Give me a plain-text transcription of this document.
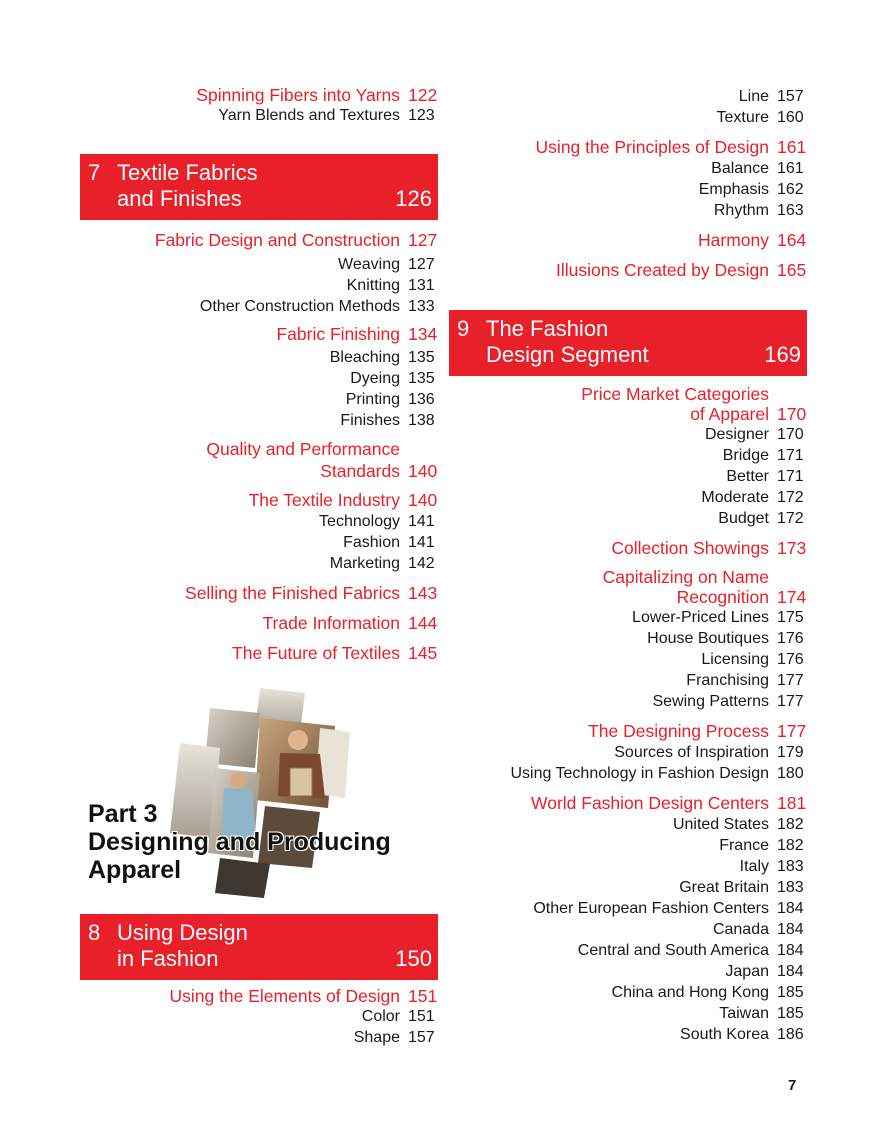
Spinning Fibers into Yarns 122
Yarn Blends and Textures 123
7 Textile Fabrics
and Finishes	126
Fabric Design and Construction 127
Weaving 127
Knitting 131
Other Construction Methods 133
Fabric Finishing 134
Bleaching 135
Dyeing 135
Printing 136
Finishes 138
Quality and Performance
Standards 140
The Textile Industry 140
Technology 141
Fashion 141
Marketing 142
Selling the Finished Fabrics 143
Trade Information 144
The Future of Textiles 145
8 Using Design
in Fashion	150
Using the Elements of Design 151
Color 151
Shape 157
Part 3
Designing and Producing
Apparel
Line 157
Texture 160
Using the Principles of Design 161
Balance 161
Emphasis 162
Rhythm 163
Harmony 164
Illusions Created by Design 165
9 The Fashion
Design Segment	169
Price Market Categories
of Apparel 170
Designer 170
Bridge 171
Better 171
Moderate 172
Budget 172
Collection Showings 173
Capitalizing on Name
Recognition 174
Lower-Priced Lines 175
House Boutiques 176
Licensing 176
Franchising 177
Sewing Patterns 177
The Designing Process 177
Sources of Inspiration 179
Using Technology in Fashion Design 180
World Fashion Design Centers 181
United States 182
France 182
Italy 183
Great Britain 183
Other European Fashion Centers 184
Canada 184
Central and South America 184
Japan 184
China and Hong Kong 185
Taiwan 185
South Korea 186
7
